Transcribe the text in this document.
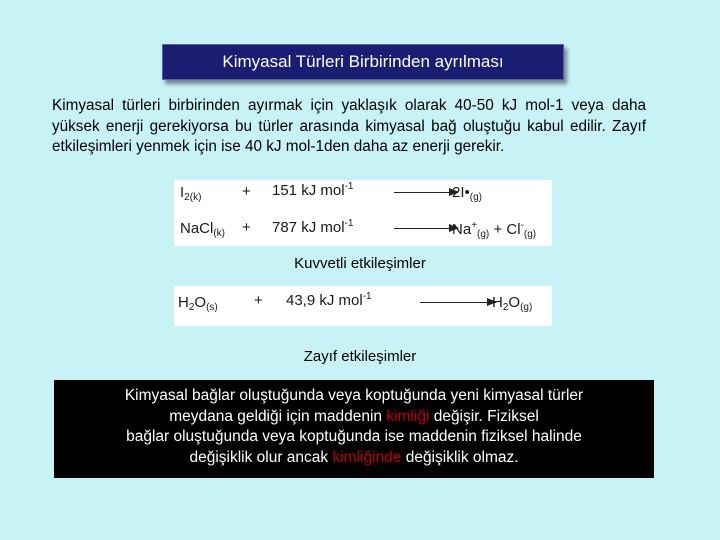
Kimyasal Türleri Birbirinden ayrılması
Kimyasal türleri birbirinden ayırmak için yaklaşık olarak 40-50 kJ mol-1 veya daha yüksek enerji gerekiyorsa bu türler arasında kimyasal bağ oluştuğu kabul edilir. Zayıf etkileşimleri yenmek için ise 40 kJ mol-1den daha az enerji gerekir.
$I_{2(k)}$	+ 151 kJ mol$^{-1}$	$2I•_{(g)}$
NaCl$_{(k)}$ + 787 kJ mol$^{-1}$	$Na^+_{(g)} + Cl^-_{(g)}$
Kuvvetli etkileşimler
$H_2O_{(s)} + 43,9$ kJ mol$^{-1}$	$H_2O_{(g)}$
Zayıf etkileşimler
Kimyasal bağlar oluştuğunda veya koptuğunda yeni kimyasal türler
meydana geldiği için maddenin kimliği değişir. Fiziksel
bağlar oluştuğunda veya koptuğunda ise maddenin fiziksel halinde
değişiklik olur ancak kimliğinde değişiklik olmaz.
